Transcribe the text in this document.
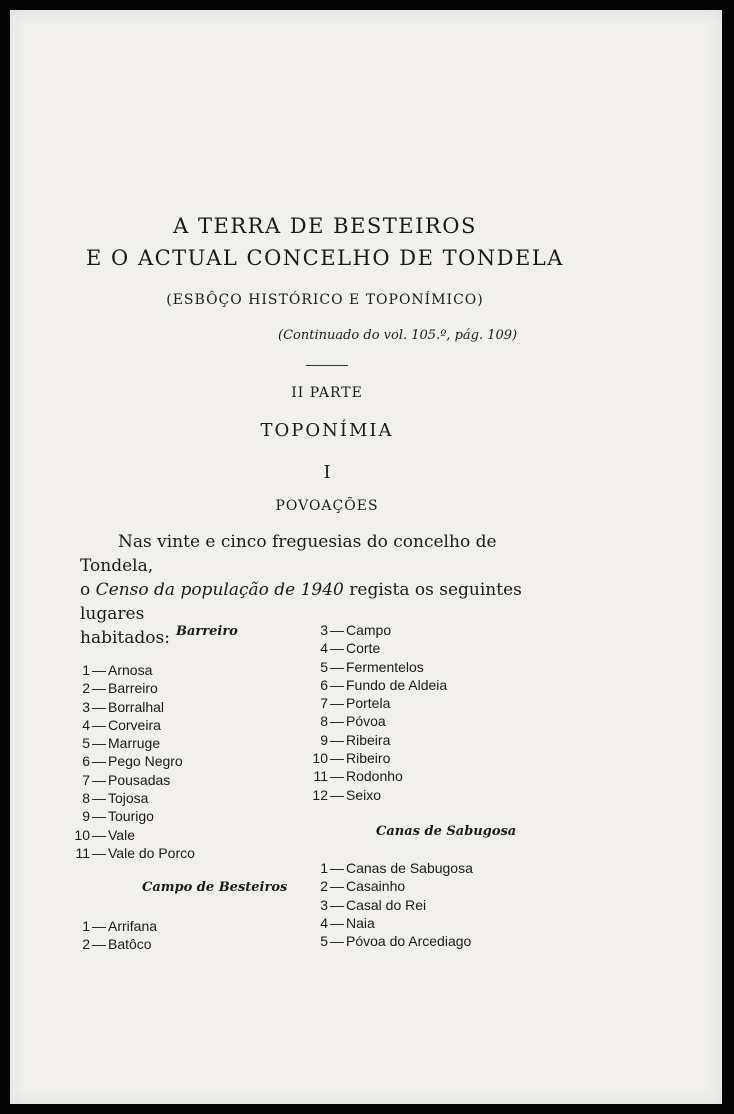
A TERRA DE BESTEIROS
E O ACTUAL CONCELHO DE TONDELA
(ESBÔÇO HISTÓRICO E TOPONÍMICO)
(Continuado do vol. 105.º, pág. 109)
II PARTE
TOPONÍMIA
I
POVOAÇÕES
Nas vinte e cinco freguesias do concelho de Tondela,
o Censo da população de 1940 regista os seguintes lugares
habitados: Barreiro
1 — Arnosa
2 — Barreiro
3 — Borralhal
4 — Corveira
5 — Marruge
6 — Pego Negro
7 — Pousadas
8 — Tojosa
9 — Tourigo
10 — Vale
11 — Vale do Porco
Campo de Besteiros
1 — Arrifana
2 — Batôco
3 — Campo
4 — Corte
5 — Fermentelos
6 — Fundo de Aldeia
7 — Portela
8 — Póvoa
9 — Ribeira
10 — Ribeiro
11 — Rodonho
12 — Seixo
Canas de Sabugosa
1 — Canas de Sabugosa
2 — Casainho
3 — Casal do Rei
4 — Naia
5 — Póvoa do Arcediago
